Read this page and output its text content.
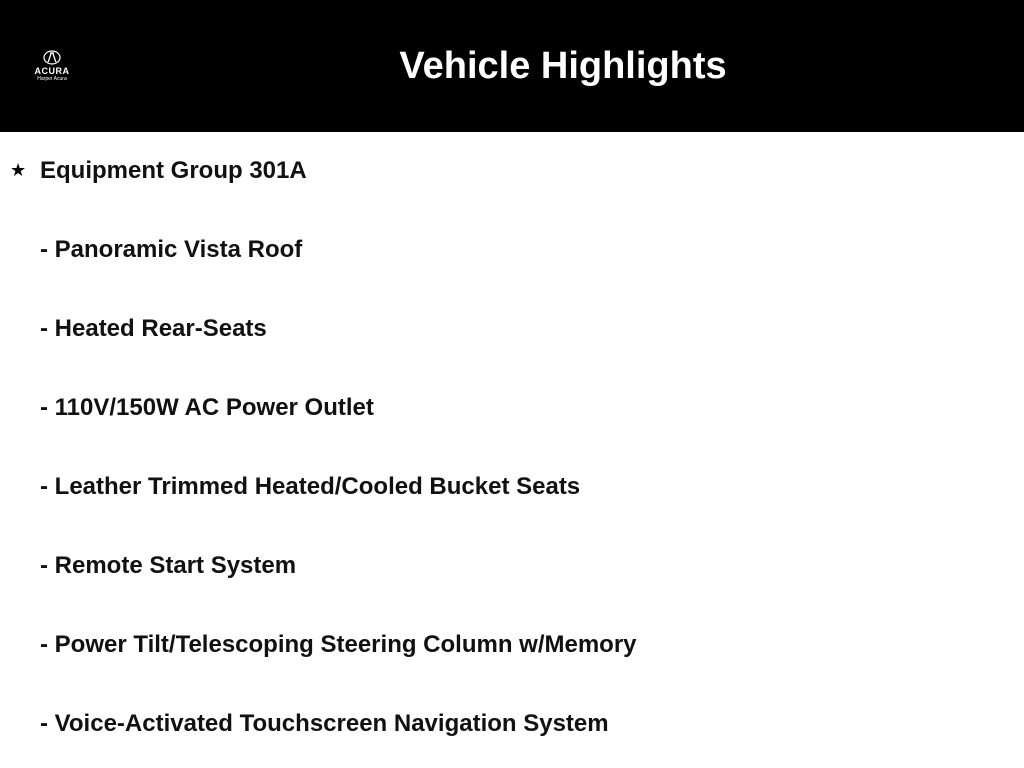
ACURA
Harper Acura	Vehicle Highlights
★ Equipment Group 301A

- Panoramic Vista Roof

- Heated Rear-Seats

- 110V/150W AC Power Outlet

- Leather Trimmed Heated/Cooled Bucket Seats

- Remote Start System

- Power Tilt/Telescoping Steering Column w/Memory

- Voice-Activated Touchscreen Navigation System
